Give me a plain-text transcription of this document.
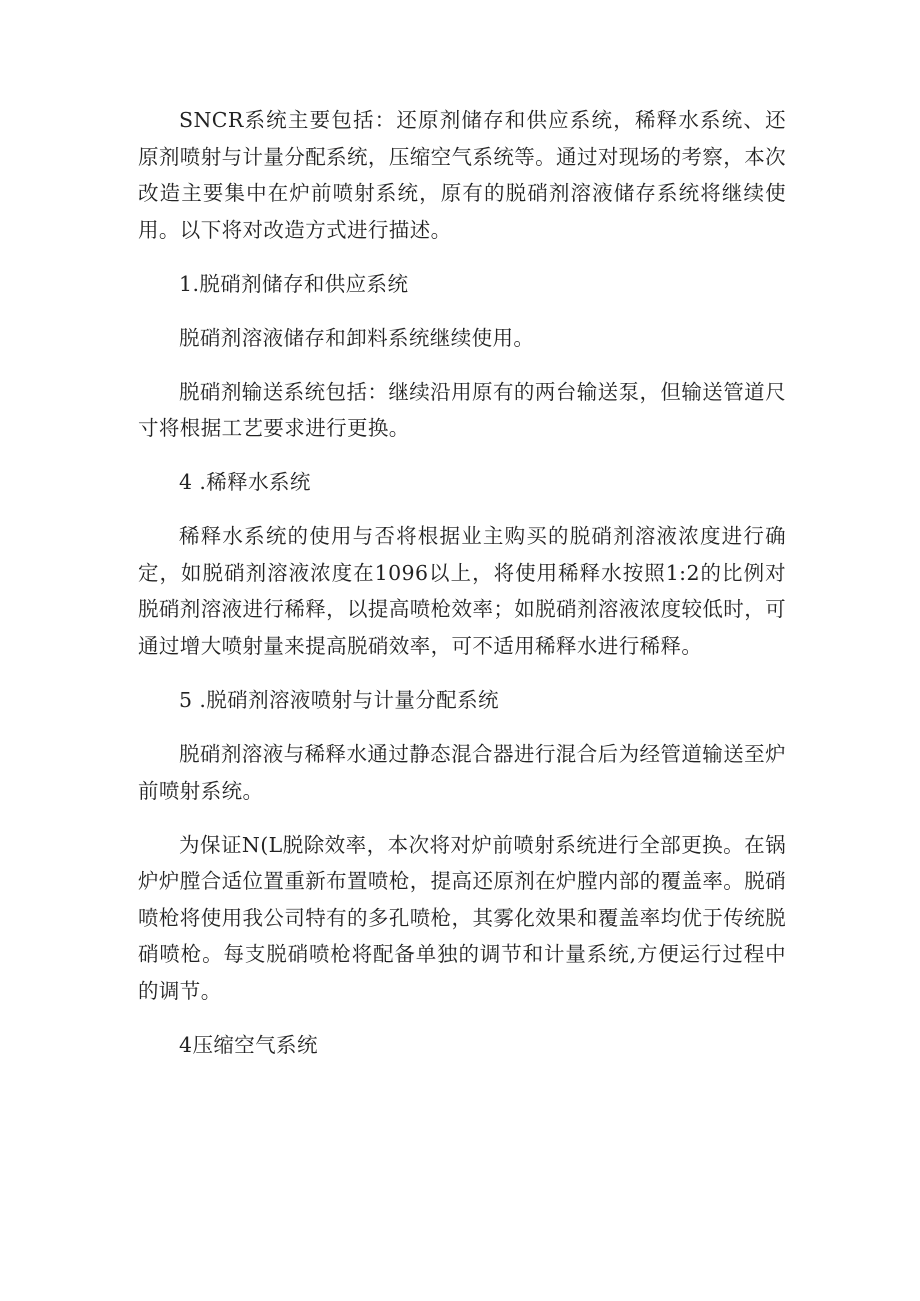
SNCR系统主要包括：还原剂储存和供应系统，稀释水系统、还原剂喷射与计量分配系统，压缩空气系统等。通过对现场的考察，本次改造主要集中在炉前喷射系统，原有的脱硝剂溶液储存系统将继续使用。以下将对改造方式进行描述。

1.脱硝剂储存和供应系统

脱硝剂溶液储存和卸料系统继续使用。

脱硝剂输送系统包括：继续沿用原有的两台输送泵，但输送管道尺寸将根据工艺要求进行更换。

4 .稀释水系统

稀释水系统的使用与否将根据业主购买的脱硝剂溶液浓度进行确定，如脱硝剂溶液浓度在1096以上，将使用稀释水按照1:2的比例对脱硝剂溶液进行稀释，以提高喷枪效率；如脱硝剂溶液浓度较低时，可通过增大喷射量来提高脱硝效率，可不适用稀释水进行稀释。

5 .脱硝剂溶液喷射与计量分配系统

脱硝剂溶液与稀释水通过静态混合器进行混合后为经管道输送至炉前喷射系统。

为保证N(L脱除效率，本次将对炉前喷射系统进行全部更换。在锅炉炉膛合适位置重新布置喷枪，提高还原剂在炉膛内部的覆盖率。脱硝喷枪将使用我公司特有的多孔喷枪，其雾化效果和覆盖率均优于传统脱硝喷枪。每支脱硝喷枪将配备单独的调节和计量系统,方便运行过程中的调节。

4压缩空气系统
